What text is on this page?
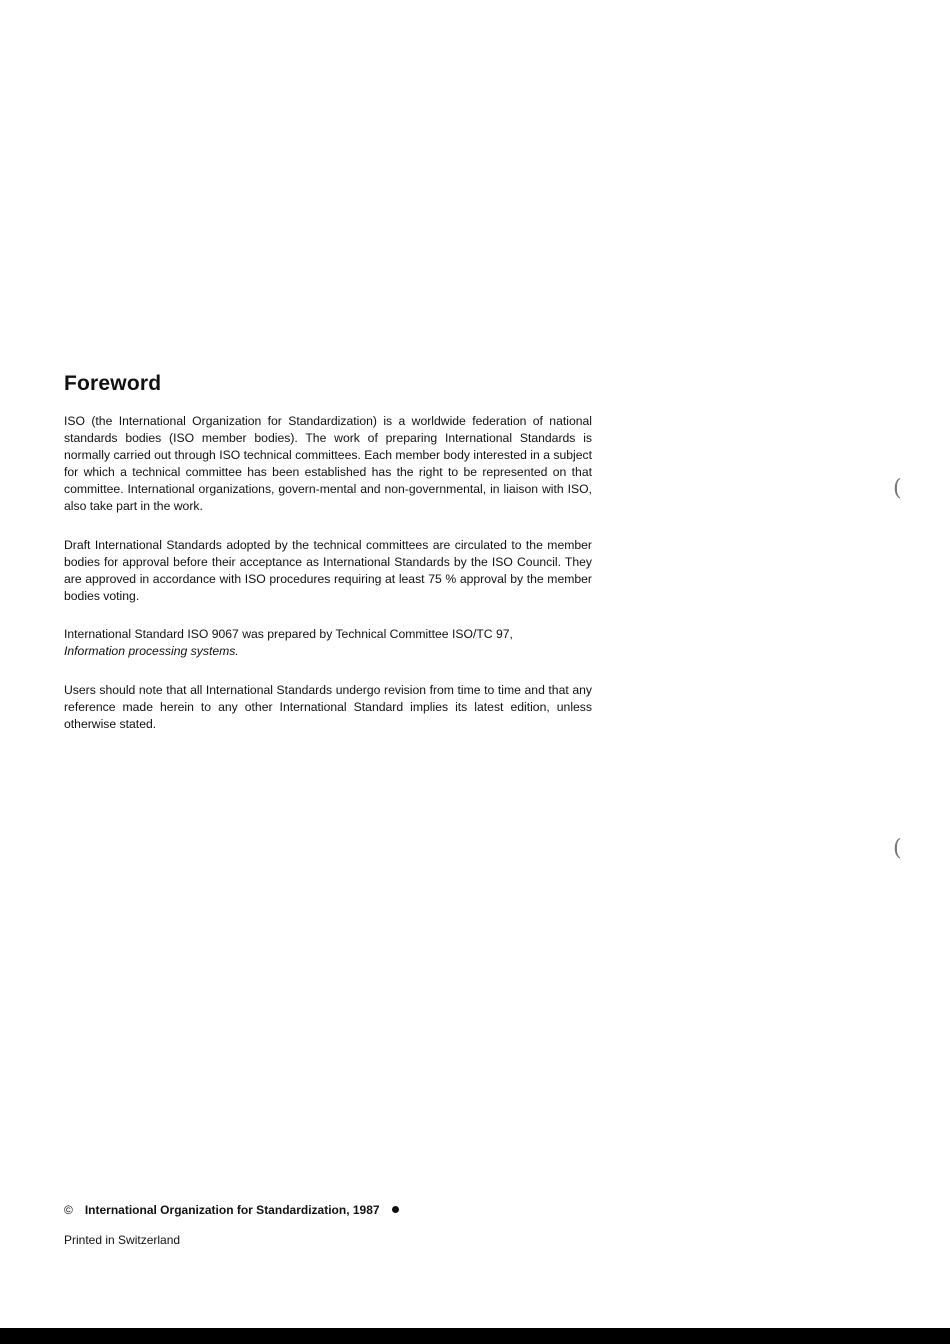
Foreword

ISO (the International Organization for Standardization) is a worldwide federation of national standards bodies (ISO member bodies). The work of preparing International Standards is normally carried out through ISO technical committees. Each member body interested in a subject for which a technical committee has been established has the right to be represented on that committee. International organizations, govern-mental and non-governmental, in liaison with ISO, also take part in the work.

Draft International Standards adopted by the technical committees are circulated to the member bodies for approval before their acceptance as International Standards by the ISO Council. They are approved in accordance with ISO procedures requiring at least 75 % approval by the member bodies voting.

International Standard ISO 9067 was prepared by Technical Committee ISO/TC 97,
Information processing systems.

Users should note that all International Standards undergo revision from time to time and that any reference made herein to any other International Standard implies its latest edition, unless otherwise stated.

© International Organization for Standardization, 1987
Printed in Switzerland
(
(
